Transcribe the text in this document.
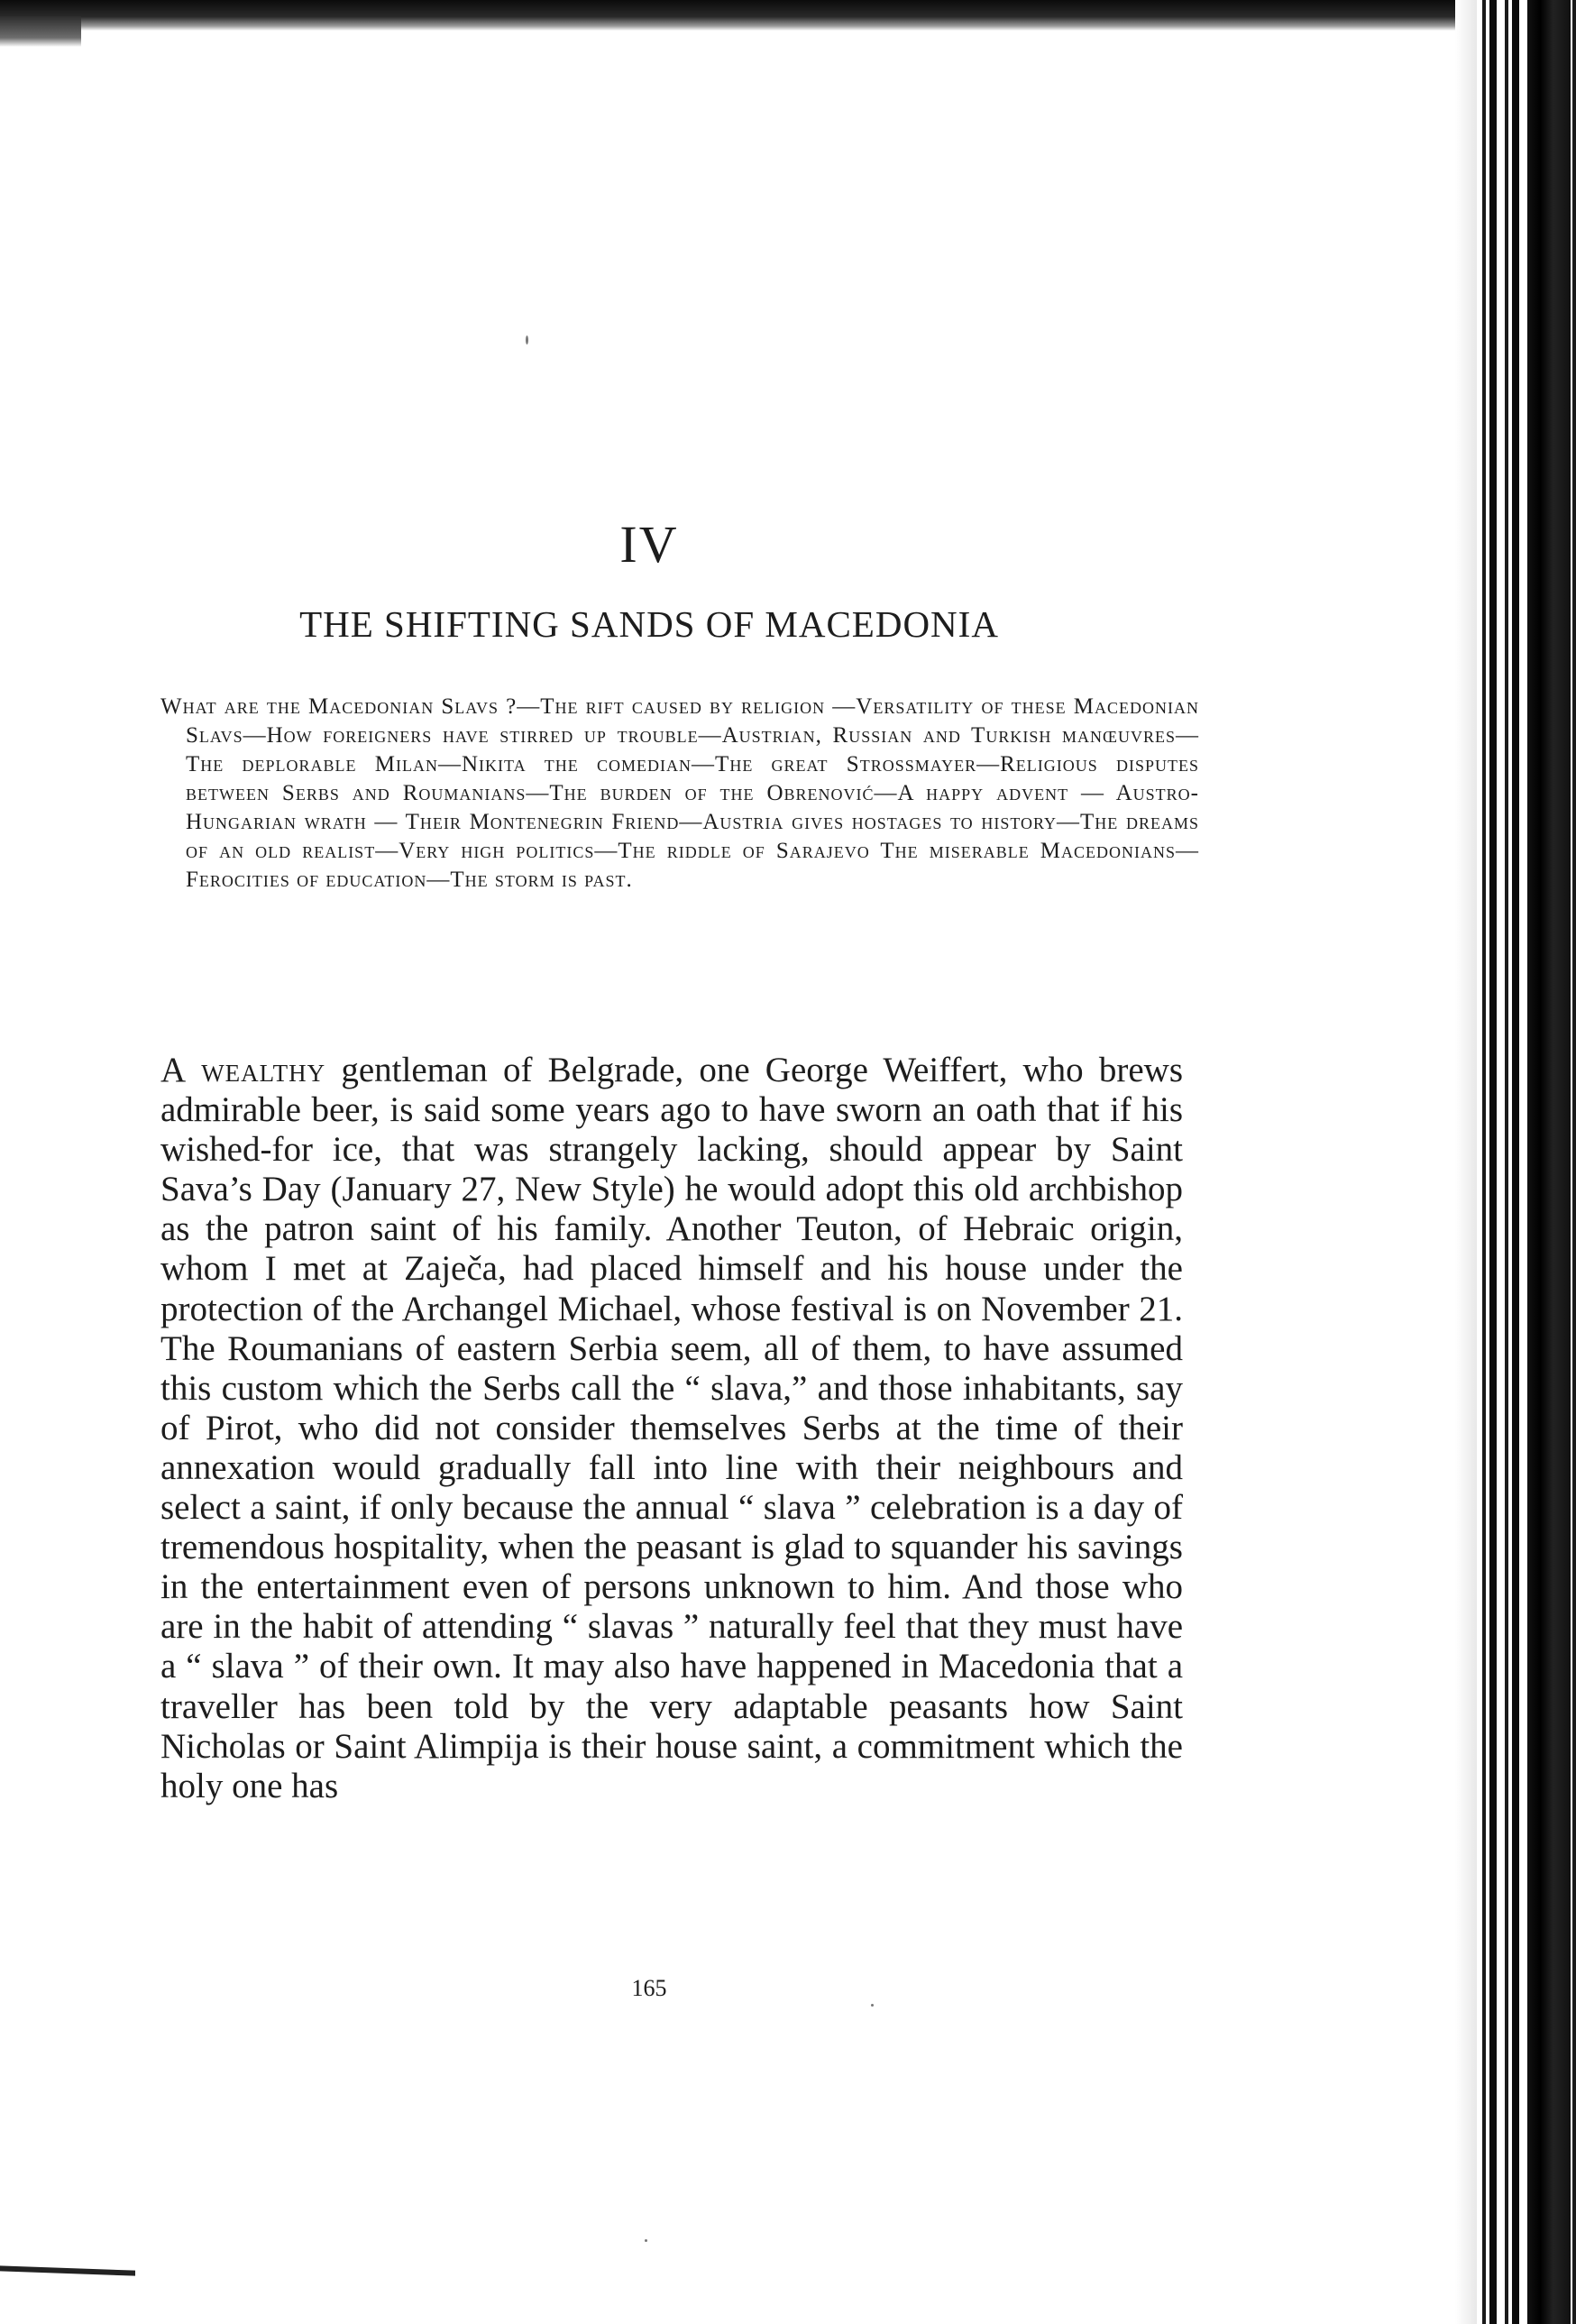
IV
THE SHIFTING SANDS OF MACEDONIA
What are the Macedonian Slavs ?—The rift caused by religion —Versatility of these Macedonian Slavs—How foreigners have stirred up trouble—Austrian, Russian and Turkish manœuvres—The deplorable Milan—Nikita the comedian—The great Strossmayer—Religious disputes between Serbs and Roumanians—The burden of the Obrenović—A happy advent — Austro-Hungarian wrath — Their Montenegrin Friend—Austria gives hostages to history—The dreams of an old realist—Very high politics—The riddle of Sarajevo The miserable Macedonians—Ferocities of education—The storm is past.
A wealthy gentleman of Belgrade, one George Weiffert, who brews admirable beer, is said some years ago to have sworn an oath that if his wished-for ice, that was strangely lacking, should appear by Saint Sava’s Day (January 27, New Style) he would adopt this old archbishop as the patron saint of his family. Another Teuton, of Hebraic origin, whom I met at Zaječa, had placed himself and his house under the protection of the Archangel Michael, whose festival is on November 21. The Roumanians of eastern Serbia seem, all of them, to have assumed this custom which the Serbs call the “ slava,” and those inhabitants, say of Pirot, who did not consider themselves Serbs at the time of their annexation would gradually fall into line with their neighbours and select a saint, if only because the annual “ slava ” celebration is a day of tremendous hospitality, when the peasant is glad to squander his savings in the entertainment even of persons unknown to him. And those who are in the habit of attending “ slavas ” naturally feel that they must have a “ slava ” of their own. It may also have happened in Macedonia that a traveller has been told by the very adaptable peasants how Saint Nicholas or Saint Alimpija is their house saint, a commitment which the holy one has
165
